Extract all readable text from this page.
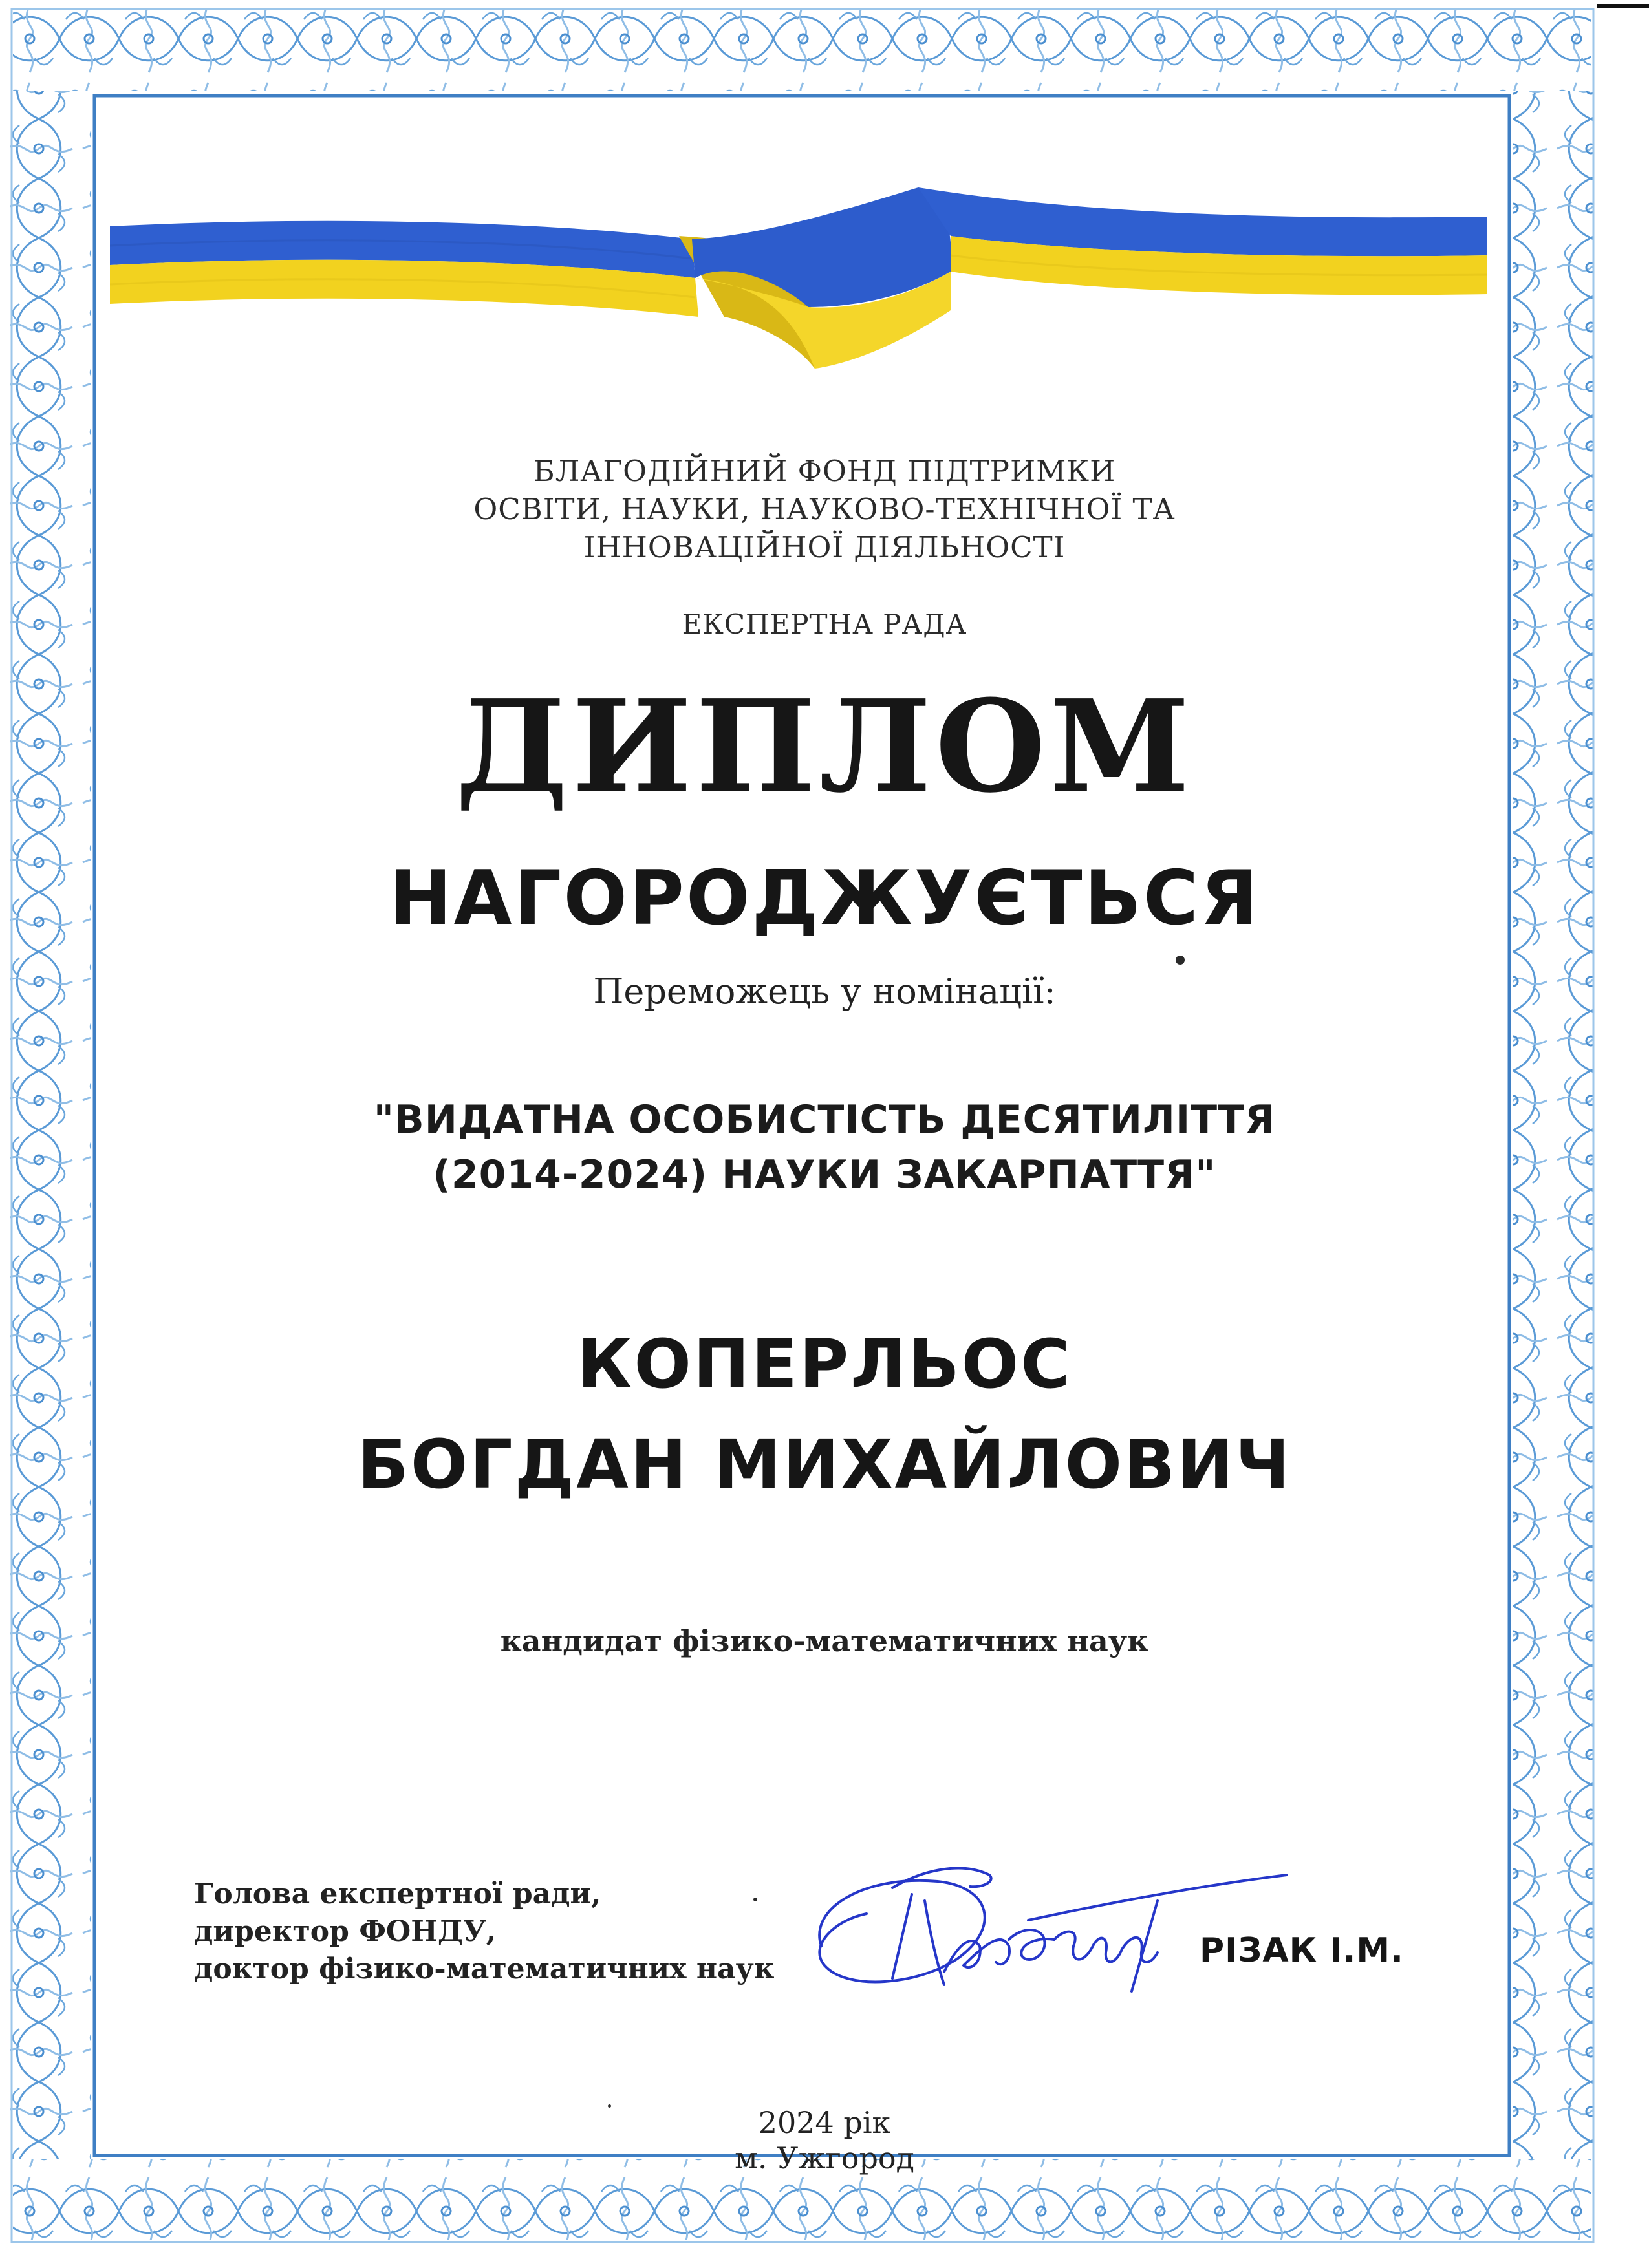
БЛАГОДІЙНИЙ ФОНД ПІДТРИМКИ
ОСВІТИ, НАУКИ, НАУКОВО-ТЕХНІЧНОЇ ТА
ІННОВАЦІЙНОЇ ДІЯЛЬНОСТІ
ЕКСПЕРТНА РАДА
ДИПЛОМ
НАГОРОДЖУЄТЬСЯ
Переможець у номінації:
"ВИДАТНА ОСОБИСТІСТЬ ДЕСЯТИЛІТТЯ
(2014-2024) НАУКИ ЗАКАРПАТТЯ"
КОПЕРЛЬОС
БОГДАН МИХАЙЛОВИЧ
кандидат фізико-математичних наук
Голова експертної ради,
директор ФОНДУ,
доктор фізико-математичних наук	РІЗАК І.М.
2024 рік
м. Ужгород
